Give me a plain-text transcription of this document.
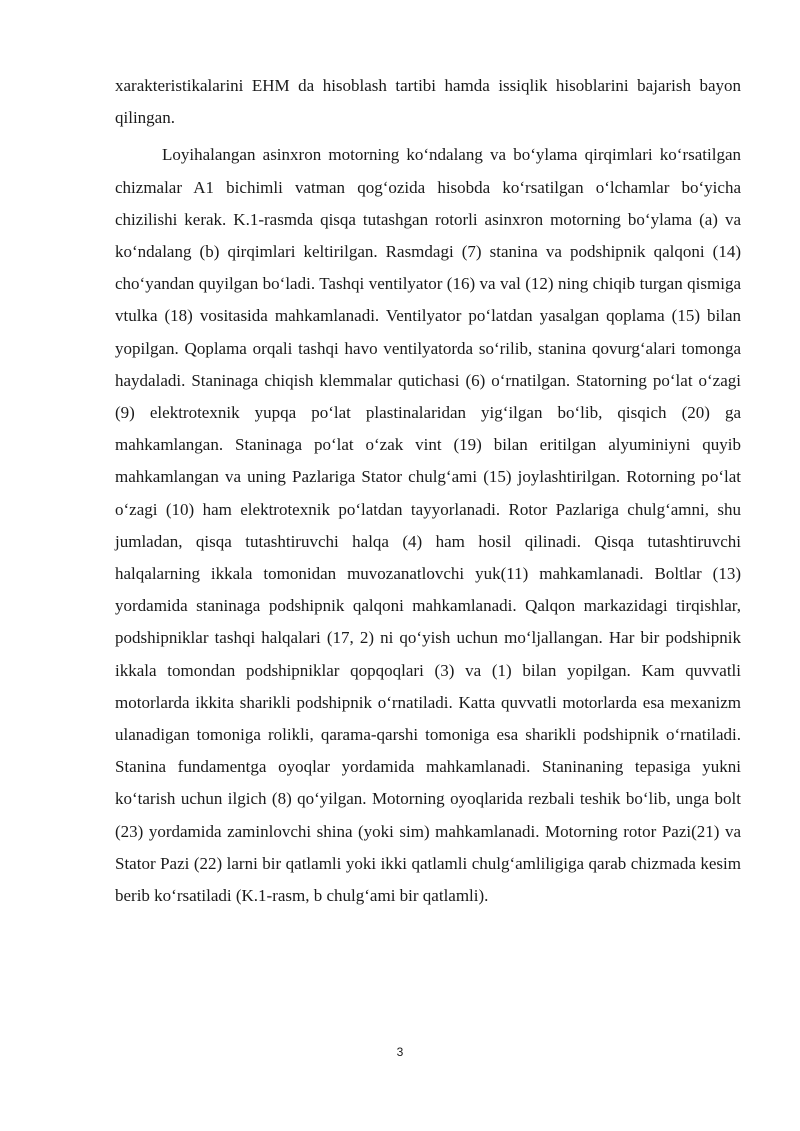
xarakteristikalarini EHM da hisoblash tartibi hamda issiqlik hisoblarini bajarish bayon qilingan.

Loyihalangan asinxron motorning koʻndalang va boʻylama qirqimlari koʻrsatilgan chizmalar A1 bichimli vatman qogʻozida hisobda koʻrsatilgan oʻlchamlar boʻyicha chizilishi kerak. K.1-rasmda qisqa tutashgan rotorli asinxron motorning boʻylama (a) va koʻndalang (b) qirqimlari keltirilgan. Rasmdagi (7) stanina va podshipnik qalqoni (14) choʻyandan quyilgan boʻladi. Tashqi ventilyator (16) va val (12) ning chiqib turgan qismiga vtulka (18) vositasida mahkamlanadi. Ventilyator poʻlatdan yasalgan qoplama (15) bilan yopilgan. Qoplama orqali tashqi havo ventilyatorda soʻrilib, stanina qovurgʻalari tomonga haydaladi. Staninaga chiqish klemmalar qutichasi (6) oʻrnatilgan. Statorning poʻlat oʻzagi (9) elektrotexnik yupqa poʻlat plastinalaridan yigʻilgan boʻlib, qisqich (20) ga mahkamlangan. Staninaga poʻlat oʻzak vint (19) bilan eritilgan alyuminiyni quyib mahkamlangan va uning Pazlariga Stator chulgʻami (15) joylashtirilgan. Rotorning poʻlat oʻzagi (10) ham elektrotexnik poʻlatdan tayyorlanadi. Rotor Pazlariga chulgʻamni, shu jumladan, qisqa tutashtiruvchi halqa (4) ham hosil qilinadi. Qisqa tutashtiruvchi halqalarning ikkala tomonidan muvozanatlovchi yuk(11) mahkamlanadi. Boltlar (13) yordamida staninaga podshipnik qalqoni mahkamlanadi. Qalqon markazidagi tirqishlar, podshipniklar tashqi halqalari (17, 2) ni qoʻyish uchun moʻljallangan. Har bir podshipnik ikkala tomondan podshipniklar qopqoqlari (3) va (1) bilan yopilgan. Kam quvvatli motorlarda ikkita sharikli podshipnik oʻrnatiladi. Katta quvvatli motorlarda esa mexanizm ulanadigan tomoniga rolikli, qarama-qarshi tomoniga esa sharikli podshipnik oʻrnatiladi. Stanina fundamentga oyoqlar yordamida mahkamlanadi. Staninaning tepasiga yukni koʻtarish uchun ilgich (8) qoʻyilgan. Motorning oyoqlarida rezbali teshik boʻlib, unga bolt (23) yordamida zaminlovchi shina (yoki sim) mahkamlanadi. Motorning rotor Pazi(21) va Stator Pazi (22) larni bir qatlamli yoki ikki qatlamli chulgʻamliligiga qarab chizmada kesim berib koʻrsatiladi (K.1-rasm, b chulgʻami bir qatlamli).

3
